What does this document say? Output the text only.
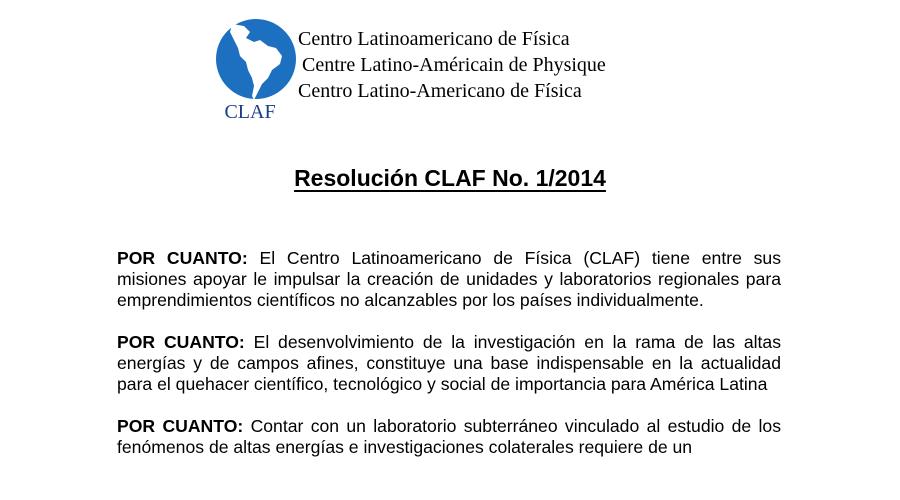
CLAF
Centro Latinoamericano de Física
Centre Latino-Américain de Physique
Centro Latino-Americano de Física
Resolución CLAF No. 1/2014

POR CUANTO: El Centro Latinoamericano de Física (CLAF) tiene entre sus misiones apoyar le impulsar la creación de unidades y laboratorios regionales para emprendimientos científicos no alcanzables por los países individualmente.

POR CUANTO: El desenvolvimiento de la investigación en la rama de las altas energías y de campos afines, constituye una base indispensable en la actualidad para el quehacer científico, tecnológico y social de importancia para América Latina

POR CUANTO: Contar con un laboratorio subterráneo vinculado al estudio de los fenómenos de altas energías e investigaciones colaterales requiere de un
